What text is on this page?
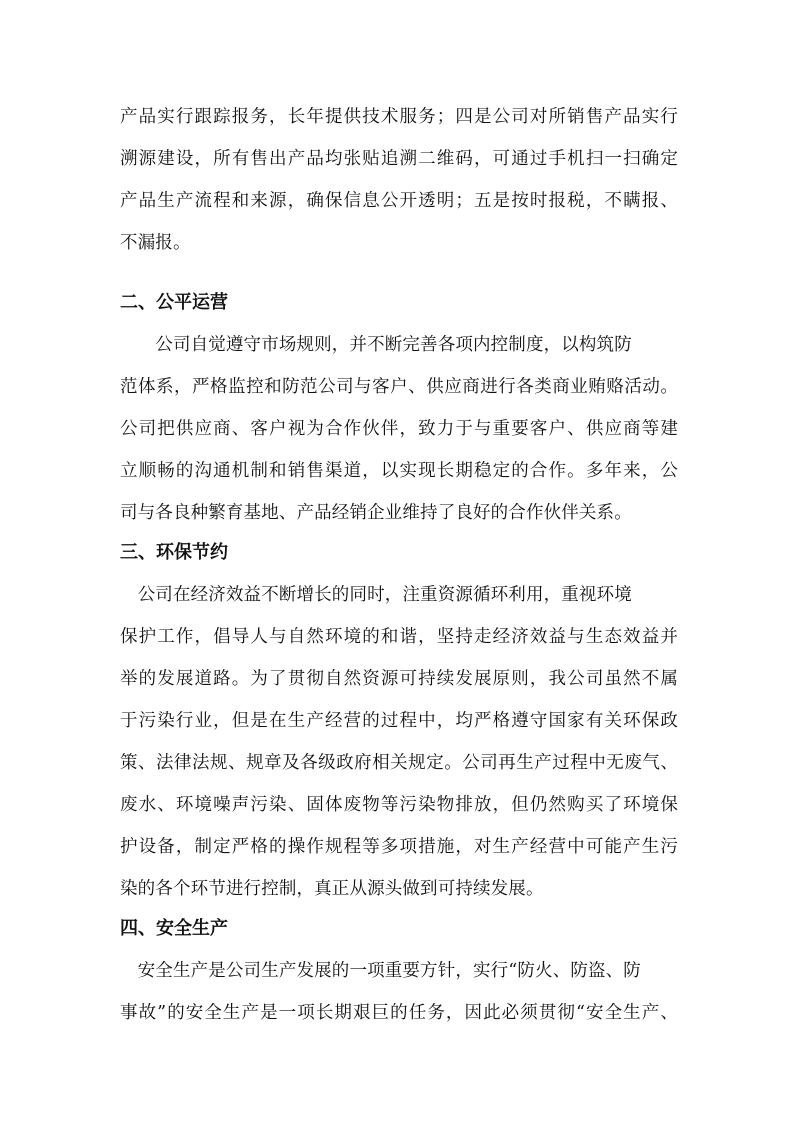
产品实行跟踪报务，长年提供技术服务；四是公司对所销售产品实行
溯源建设，所有售出产品均张贴追溯二维码，可通过手机扫一扫确定
产品生产流程和来源，确保信息公开透明；五是按时报税，不瞒报、
不漏报。
二、公平运营
　　公司自觉遵守市场规则，并不断完善各项内控制度，以构筑防
范体系，严格监控和防范公司与客户、供应商进行各类商业贿赂活动。
公司把供应商、客户视为合作伙伴，致力于与重要客户、供应商等建
立顺畅的沟通机制和销售渠道，以实现长期稳定的合作。多年来，公
司与各良种繁育基地、产品经销企业维持了良好的合作伙伴关系。
三、环保节约
　公司在经济效益不断增长的同时，注重资源循环利用，重视环境
保护工作，倡导人与自然环境的和谐，坚持走经济效益与生态效益并
举的发展道路。为了贯彻自然资源可持续发展原则，我公司虽然不属
于污染行业，但是在生产经营的过程中，均严格遵守国家有关环保政
策、法律法规、规章及各级政府相关规定。公司再生产过程中无废气、
废水、环境噪声污染、固体废物等污染物排放，但仍然购买了环境保
护设备，制定严格的操作规程等多项措施，对生产经营中可能产生污
染的各个环节进行控制，真正从源头做到可持续发展。
四、安全生产
　安全生产是公司生产发展的一项重要方针，实行“防火、防盗、防
事故”的安全生产是一项长期艰巨的任务，因此必须贯彻“安全生产、
